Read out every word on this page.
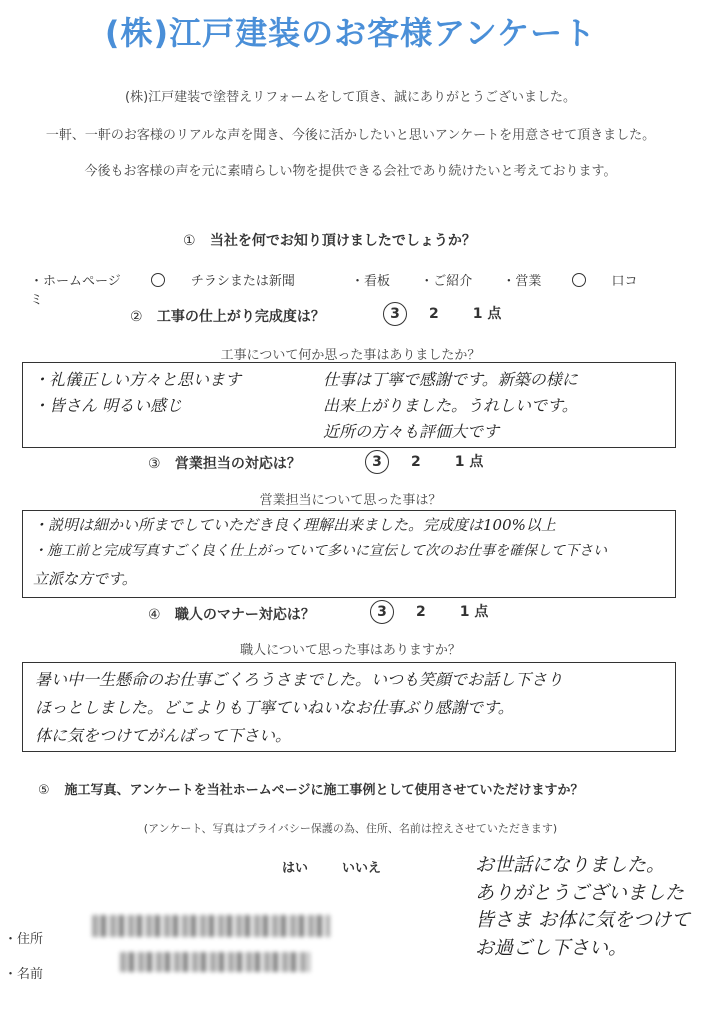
(株)江戸建装のお客様アンケート
(株)江戸建装で塗替えリフォームをして頂き、誠にありがとうございました。
一軒、一軒のお客様のリアルな声を聞き、今後に活かしたいと思いアンケートを用意させて頂きました。
今後もお客様の声を元に素晴らしい物を提供できる会社であり続けたいと考えております。
① 当社を何でお知り頂けましたでしょうか？
・ホームページ	チラシまたは新聞	・看板 ・ご紹介 ・営業	口コミ
② 工事の仕上がり完成度は？	3 2 1 点
工事について何か思った事はありましたか？
・礼儀正しい方々と思います
・皆さん 明るい感じ
仕事は丁寧で感謝です。新築の様に
出来上がりました。うれしいです。
近所の方々も評価大です
③ 営業担当の対応は？	3 2 1 点
営業担当について思った事は？
・説明は細かい所までしていただき良く理解出来ました。完成度は100%以上
・施工前と完成写真すごく良く仕上がっていて多いに宣伝して次のお仕事を確保して下さい
立派な方です。
④ 職人のマナー対応は？	3 2 1 点
職人について思った事はありますか？
暑い中一生懸命のお仕事ごくろうさまでした。いつも笑顔でお話し下さり
ほっとしました。どこよりも丁寧ていねいなお仕事ぶり感謝です。
体に気をつけてがんばって下さい。
⑤ 施工写真、アンケートを当社ホームページに施工事例として使用させていただけますか？
(アンケート、写真はプライバシー保護の為、住所、名前は控えさせていただきます)
はい	いいえ	お世話になりました。
ありがとうございました
皆さま お体に気をつけて
お過ごし下さい。
・住所
・名前
